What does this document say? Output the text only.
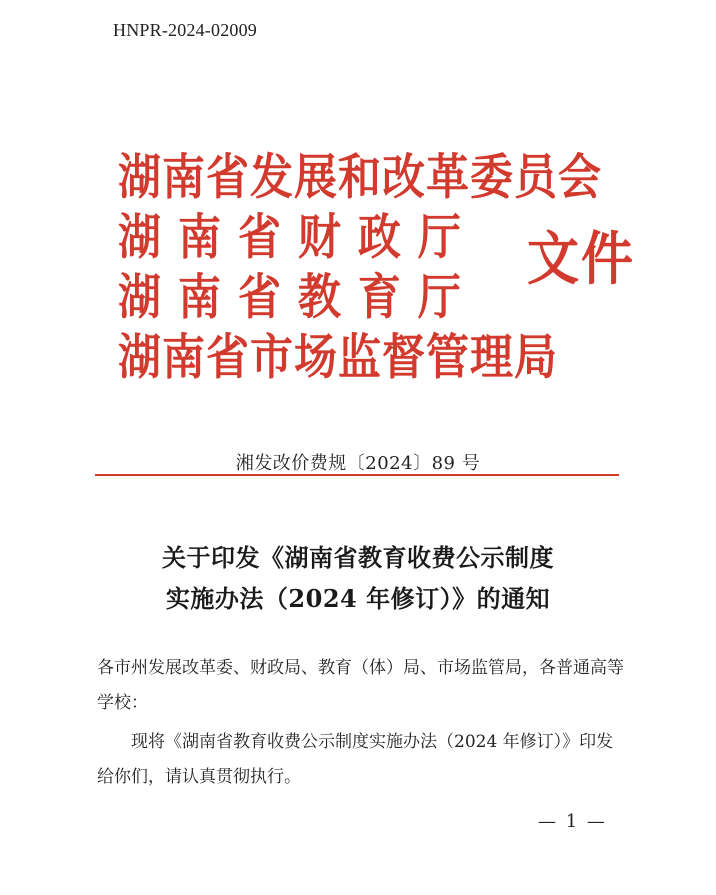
HNPR-2024-02009
湖南省发展和改革委员会
湖 南 省 财 政 厅
湖 南 省 教 育 厅
湖南省市场监督管理局
文件
湘发改价费规〔2024〕89 号
关于印发《湖南省教育收费公示制度
实施办法（2024 年修订）》的通知
各市州发展改革委、财政局、教育（体）局、市场监管局，各普通高等学校：
现将《湖南省教育收费公示制度实施办法（2024 年修订）》印发给你们，请认真贯彻执行。
— 1 —
